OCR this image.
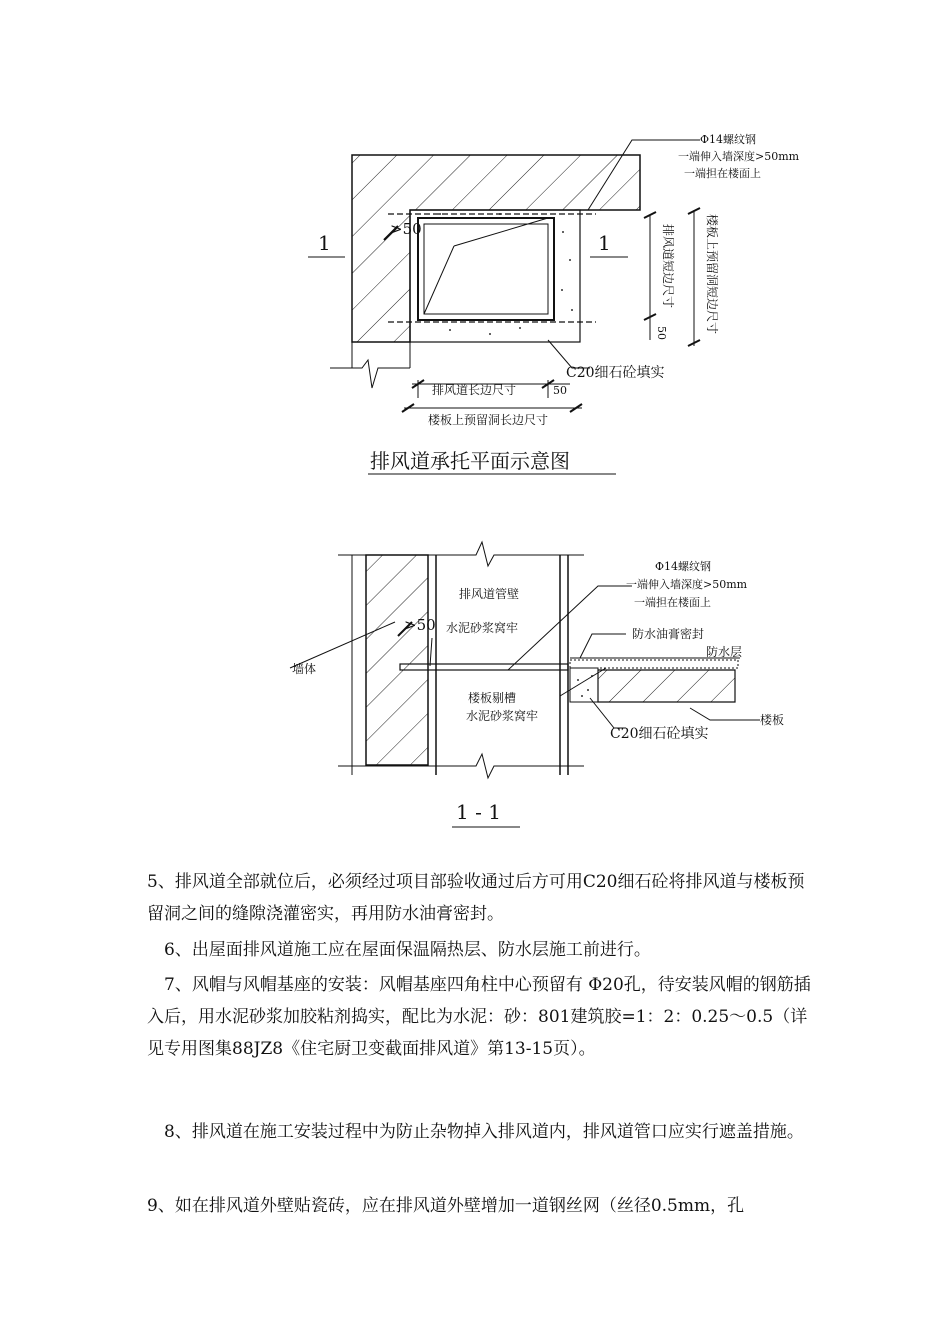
1	1
>50
Φ14螺纹钢
一端伸入墙深度>50mm
一端担在楼面上
排风道短边尺寸
50	楼板上预留洞短边尺寸
C20细石砼填实
排风道长边尺寸	50
楼板上预留洞长边尺寸
排风道承托平面示意图
>50
排风道管壁
Φ14螺纹钢
一端伸入墙深度>50mm
一端担在楼面上
水泥砂浆窝牢	防水油膏密封
防水层
墙体
楼板剔槽
水泥砂浆窝牢	楼板
C20细石砼填实
1 - 1

5、排风道全部就位后，必须经过项目部验收通过后方可用C20细石砼将排风道与楼板预留洞之间的缝隙浇灌密实，再用防水油膏密封。

6、出屋面排风道施工应在屋面保温隔热层、防水层施工前进行。

7、风帽与风帽基座的安装：风帽基座四角柱中心预留有 Φ20孔，待安装风帽的钢筋插入后，用水泥砂浆加胶粘剂捣实，配比为水泥：砂：801建筑胶=1：2：0.25～0.5（详见专用图集88JZ8《住宅厨卫变截面排风道》第13-15页）。

8、排风道在施工安装过程中为防止杂物掉入排风道内，排风道管口应实行遮盖措施。

9、如在排风道外壁贴瓷砖，应在排风道外壁增加一道钢丝网（丝径0.5mm，孔
